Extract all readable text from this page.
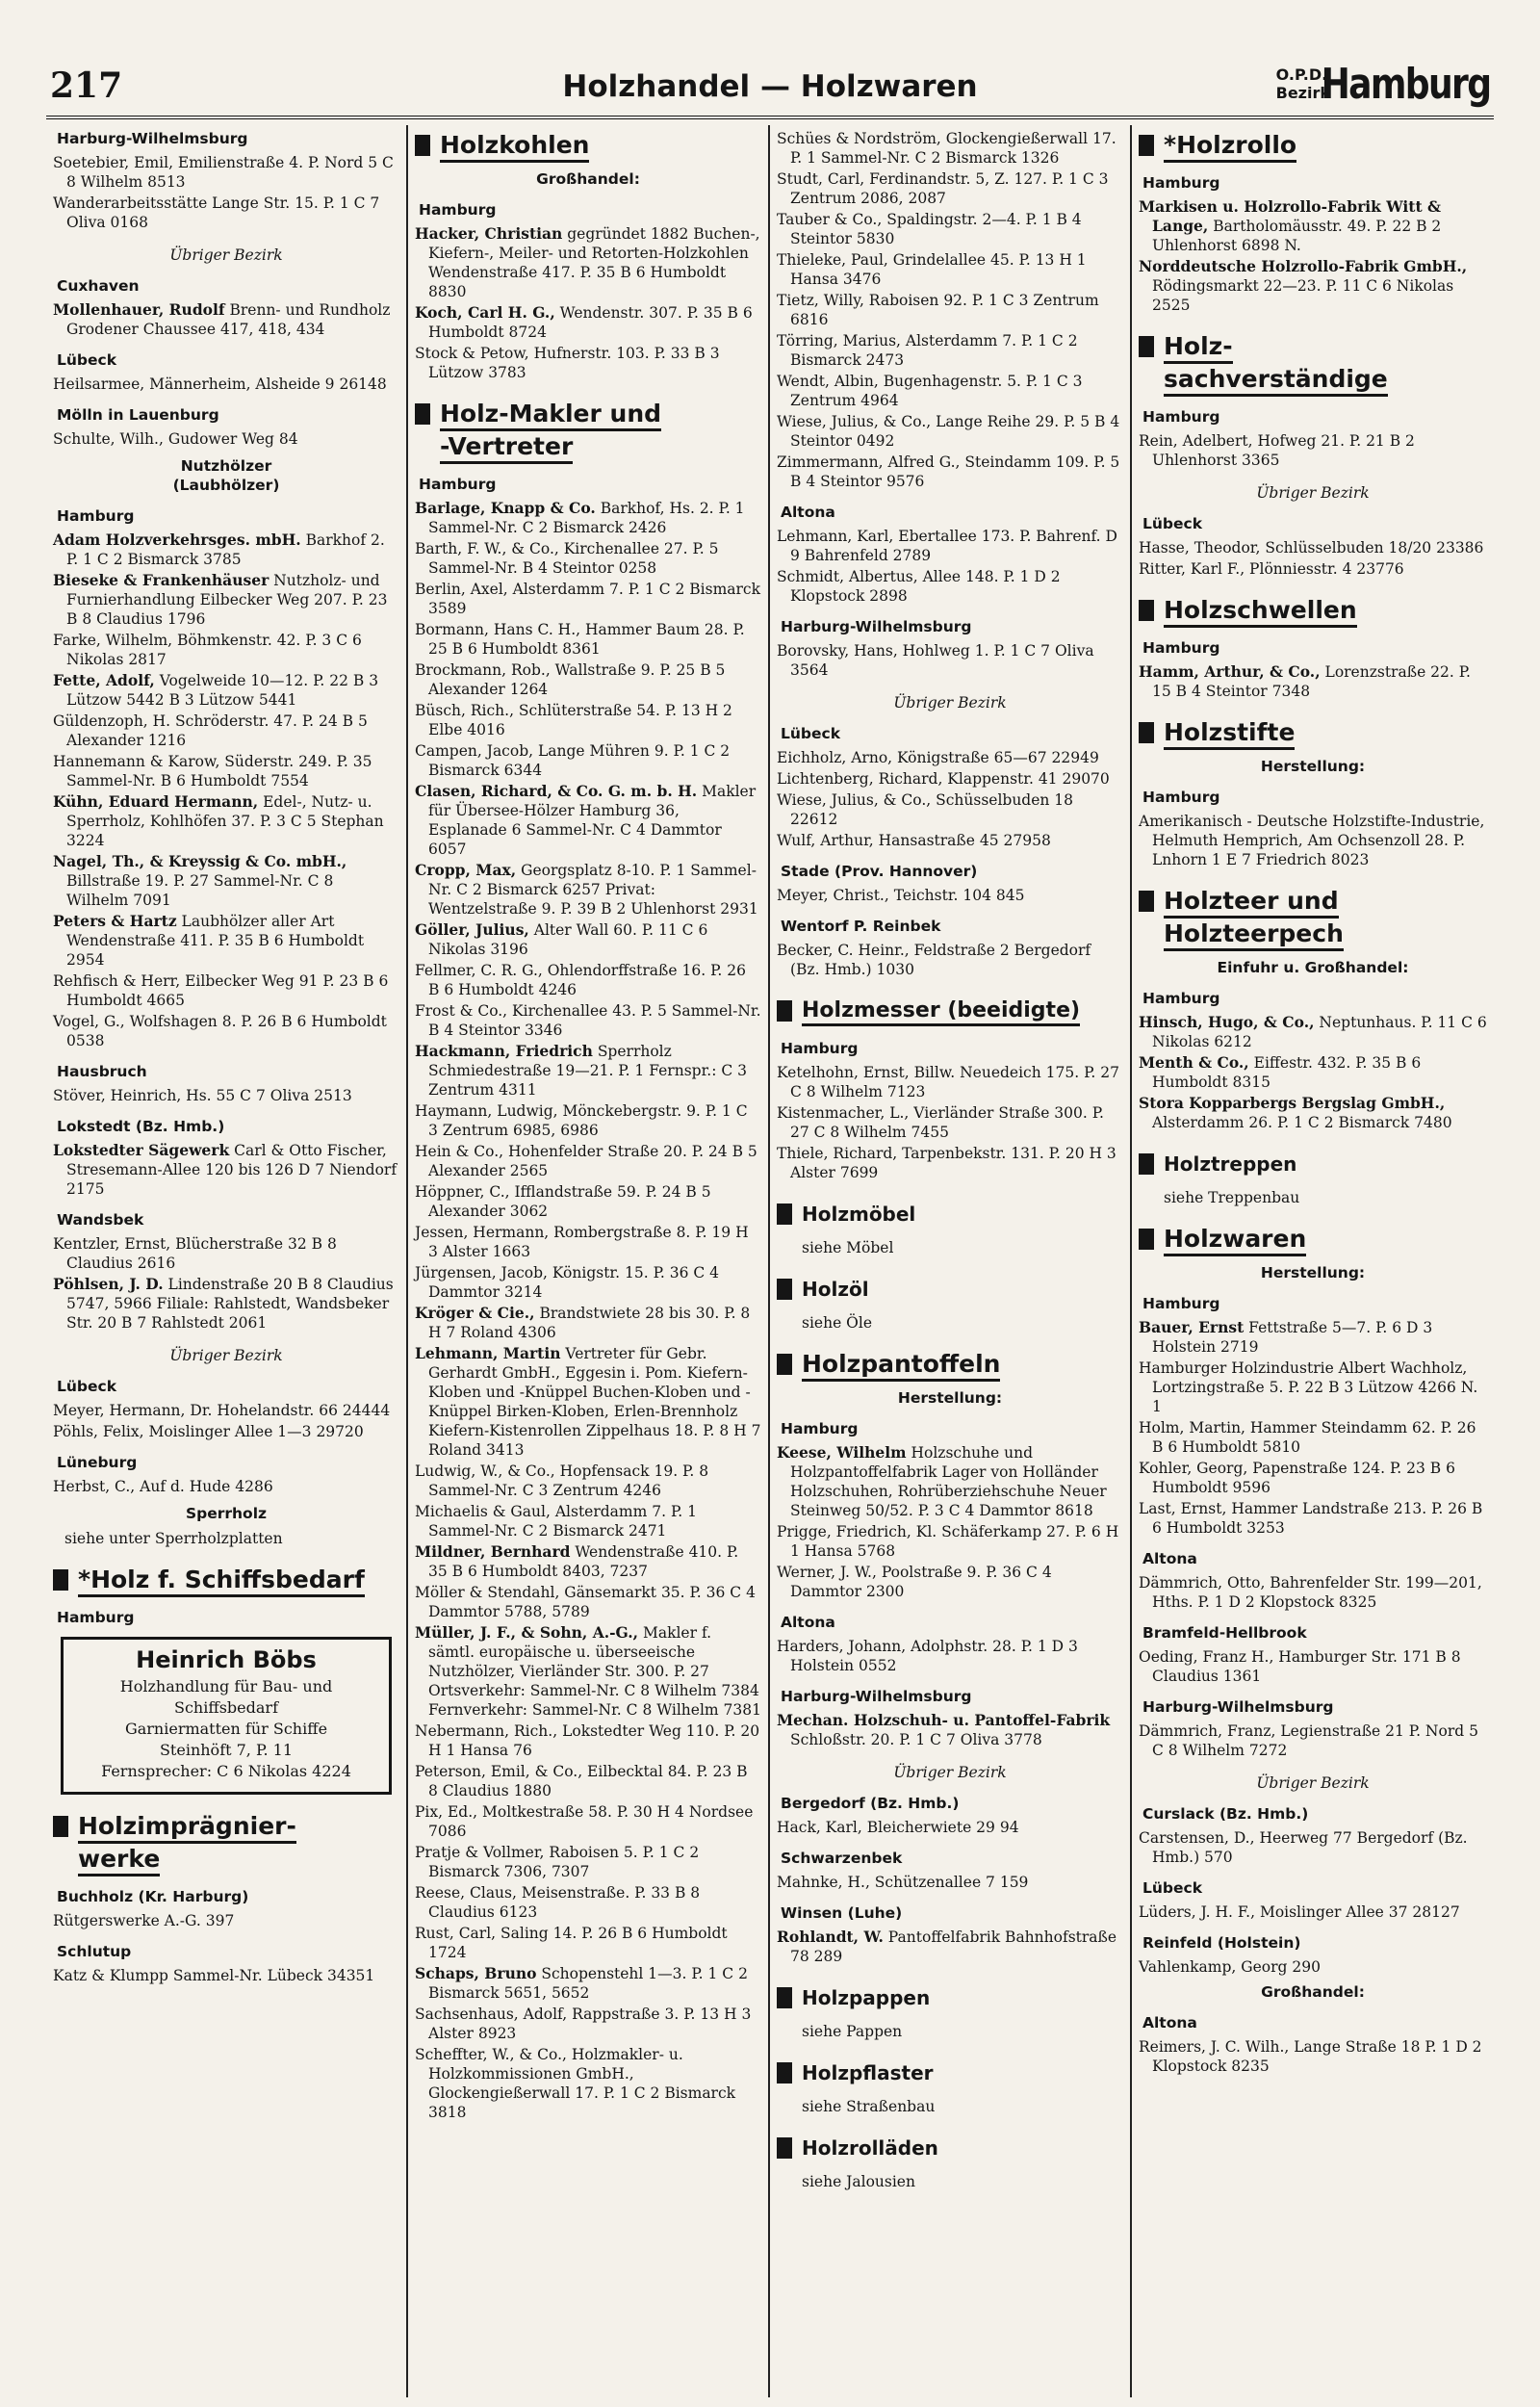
217	Holzhandel — Holzwaren	O.P.D.
Bezirk
Hamburg
Harburg-Wilhelmsburg
Soetebier, Emil, Emilienstraße 4. P. Nord 5 C 8 Wilhelm 8513
Wanderarbeitsstätte Lange Str. 15. P. 1 C 7 Oliva 0168
Übriger Bezirk
Cuxhaven
Mollenhauer, Rudolf Brenn- und Rundholz Grodener Chaussee 417, 418, 434
Lübeck
Heilsarmee, Männerheim, Alsheide 9 26148
Mölln in Lauenburg
Schulte, Wilh., Gudower Weg 84
Nutzhölzer
(Laubhölzer)
Hamburg
Adam Holzverkehrsges. mbH. Barkhof 2. P. 1 C 2 Bismarck 3785
Bieseke & Frankenhäuser Nutzholz- und Furnierhandlung Eilbecker Weg 207. P. 23 B 8 Claudius 1796
Farke, Wilhelm, Böhmkenstr. 42. P. 3 C 6 Nikolas 2817
Fette, Adolf, Vogelweide 10—12. P. 22 B 3 Lützow 5442 B 3 Lützow 5441
Güldenzoph, H. Schröderstr. 47. P. 24 B 5 Alexander 1216
Hannemann & Karow, Süderstr. 249. P. 35 Sammel-Nr. B 6 Humboldt 7554
Kühn, Eduard Hermann, Edel-, Nutz- u. Sperrholz, Kohlhöfen 37. P. 3 C 5 Stephan 3224
Nagel, Th., & Kreyssig & Co. mbH., Billstraße 19. P. 27 Sammel-Nr. C 8 Wilhelm 7091
Peters & Hartz Laubhölzer aller Art Wendenstraße 411. P. 35 B 6 Humboldt 2954
Rehfisch & Herr, Eilbecker Weg 91 P. 23 B 6 Humboldt 4665
Vogel, G., Wolfshagen 8. P. 26 B 6 Humboldt 0538
Hausbruch
Stöver, Heinrich, Hs. 55 C 7 Oliva 2513
Lokstedt (Bz. Hmb.)
Lokstedter Sägewerk Carl & Otto Fischer, Stresemann-Allee 120 bis 126 D 7 Niendorf 2175
Wandsbek
Kentzler, Ernst, Blücherstraße 32 B 8 Claudius 2616
Pöhlsen, J. D. Lindenstraße 20 B 8 Claudius 5747, 5966 Filiale: Rahlstedt, Wandsbeker Str. 20 B 7 Rahlstedt 2061
Übriger Bezirk
Lübeck
Meyer, Hermann, Dr. Hohelandstr. 66 24444
Pöhls, Felix, Moislinger Allee 1—3 29720
Lüneburg
Herbst, C., Auf d. Hude 4286
Sperrholz
siehe unter Sperrholzplatten
*Holz f. Schiffsbedarf
Hamburg
Heinrich Böbs
Holzhandlung für Bau- und Schiffsbedarf
Garniermatten für Schiffe
Steinhöft 7, P. 11
Fernsprecher: C 6 Nikolas 4224
Holzimprägnier-
werke
Buchholz (Kr. Harburg)
Rütgerswerke A.-G. 397
Schlutup
Katz & Klumpp Sammel-Nr. Lübeck 34351
Holzkohlen
Großhandel:
Hamburg
Hacker, Christian gegründet 1882 Buchen-, Kiefern-, Meiler- und Retorten-Holzkohlen Wendenstraße 417. P. 35 B 6 Humboldt 8830
Koch, Carl H. G., Wendenstr. 307. P. 35 B 6 Humboldt 8724
Stock & Petow, Hufnerstr. 103. P. 33 B 3 Lützow 3783
Holz-Makler und
-Vertreter
Hamburg
Barlage, Knapp & Co. Barkhof, Hs. 2. P. 1 Sammel-Nr. C 2 Bismarck 2426
Barth, F. W., & Co., Kirchenallee 27. P. 5 Sammel-Nr. B 4 Steintor 0258
Berlin, Axel, Alsterdamm 7. P. 1 C 2 Bismarck 3589
Bormann, Hans C. H., Hammer Baum 28. P. 25 B 6 Humboldt 8361
Brockmann, Rob., Wallstraße 9. P. 25 B 5 Alexander 1264
Büsch, Rich., Schlüterstraße 54. P. 13 H 2 Elbe 4016
Campen, Jacob, Lange Mühren 9. P. 1 C 2 Bismarck 6344
Clasen, Richard, & Co. G. m. b. H. Makler für Übersee-Hölzer Hamburg 36, Esplanade 6 Sammel-Nr. C 4 Dammtor 6057
Cropp, Max, Georgsplatz 8-10. P. 1 Sammel-Nr. C 2 Bismarck 6257 Privat: Wentzelstraße 9. P. 39 B 2 Uhlenhorst 2931
Göller, Julius, Alter Wall 60. P. 11 C 6 Nikolas 3196
Fellmer, C. R. G., Ohlendorffstraße 16. P. 26 B 6 Humboldt 4246
Frost & Co., Kirchenallee 43. P. 5 Sammel-Nr. B 4 Steintor 3346
Hackmann, Friedrich Sperrholz Schmiedestraße 19—21. P. 1 Fernspr.: C 3 Zentrum 4311
Haymann, Ludwig, Mönckebergstr. 9. P. 1 C 3 Zentrum 6985, 6986
Hein & Co., Hohenfelder Straße 20. P. 24 B 5 Alexander 2565
Höppner, C., Ifflandstraße 59. P. 24 B 5 Alexander 3062
Jessen, Hermann, Rombergstraße 8. P. 19 H 3 Alster 1663
Jürgensen, Jacob, Königstr. 15. P. 36 C 4 Dammtor 3214
Kröger & Cie., Brandstwiete 28 bis 30. P. 8 H 7 Roland 4306
Lehmann, Martin Vertreter für Gebr. Gerhardt GmbH., Eggesin i. Pom. Kiefern-Kloben und -Knüppel Buchen-Kloben und -Knüppel Birken-Kloben, Erlen-Brennholz Kiefern-Kistenrollen Zippelhaus 18. P. 8 H 7 Roland 3413
Ludwig, W., & Co., Hopfensack 19. P. 8 Sammel-Nr. C 3 Zentrum 4246
Michaelis & Gaul, Alsterdamm 7. P. 1 Sammel-Nr. C 2 Bismarck 2471
Mildner, Bernhard Wendenstraße 410. P. 35 B 6 Humboldt 8403, 7237
Möller & Stendahl, Gänsemarkt 35. P. 36 C 4 Dammtor 5788, 5789
Müller, J. F., & Sohn, A.-G., Makler f. sämtl. europäische u. überseeische Nutzhölzer, Vierländer Str. 300. P. 27 Ortsverkehr: Sammel-Nr. C 8 Wilhelm 7384 Fernverkehr: Sammel-Nr. C 8 Wilhelm 7381
Nebermann, Rich., Lokstedter Weg 110. P. 20 H 1 Hansa 76
Peterson, Emil, & Co., Eilbecktal 84. P. 23 B 8 Claudius 1880
Pix, Ed., Moltkestraße 58. P. 30 H 4 Nordsee 7086
Pratje & Vollmer, Raboisen 5. P. 1 C 2 Bismarck 7306, 7307
Reese, Claus, Meisenstraße. P. 33 B 8 Claudius 6123
Rust, Carl, Saling 14. P. 26 B 6 Humboldt 1724
Schaps, Bruno Schopenstehl 1—3. P. 1 C 2 Bismarck 5651, 5652
Sachsenhaus, Adolf, Rappstraße 3. P. 13 H 3 Alster 8923
Scheffter, W., & Co., Holzmakler- u. Holzkommissionen GmbH., Glockengießerwall 17. P. 1 C 2 Bismarck 3818
Schües & Nordström, Glockengießerwall 17. P. 1 Sammel-Nr. C 2 Bismarck 1326
Studt, Carl, Ferdinandstr. 5, Z. 127. P. 1 C 3 Zentrum 2086, 2087
Tauber & Co., Spaldingstr. 2—4. P. 1 B 4 Steintor 5830
Thieleke, Paul, Grindelallee 45. P. 13 H 1 Hansa 3476
Tietz, Willy, Raboisen 92. P. 1 C 3 Zentrum 6816
Törring, Marius, Alsterdamm 7. P. 1 C 2 Bismarck 2473
Wendt, Albin, Bugenhagenstr. 5. P. 1 C 3 Zentrum 4964
Wiese, Julius, & Co., Lange Reihe 29. P. 5 B 4 Steintor 0492
Zimmermann, Alfred G., Steindamm 109. P. 5 B 4 Steintor 9576
Altona
Lehmann, Karl, Ebertallee 173. P. Bahrenf. D 9 Bahrenfeld 2789
Schmidt, Albertus, Allee 148. P. 1 D 2 Klopstock 2898
Harburg-Wilhelmsburg
Borovsky, Hans, Hohlweg 1. P. 1 C 7 Oliva 3564
Übriger Bezirk
Lübeck
Eichholz, Arno, Königstraße 65—67 22949
Lichtenberg, Richard, Klappenstr. 41 29070
Wiese, Julius, & Co., Schüsselbuden 18 22612
Wulf, Arthur, Hansastraße 45 27958
Stade (Prov. Hannover)
Meyer, Christ., Teichstr. 104 845
Wentorf P. Reinbek
Becker, C. Heinr., Feldstraße 2 Bergedorf (Bz. Hmb.) 1030
Holzmesser (beeidigte)
Hamburg
Ketelhohn, Ernst, Billw. Neuedeich 175. P. 27 C 8 Wilhelm 7123
Kistenmacher, L., Vierländer Straße 300. P. 27 C 8 Wilhelm 7455
Thiele, Richard, Tarpenbekstr. 131. P. 20 H 3 Alster 7699
Holzmöbel
siehe Möbel
Holzöl
siehe Öle
Holzpantoffeln
Herstellung:
Hamburg
Keese, Wilhelm Holzschuhe und Holzpantoffelfabrik Lager von Holländer Holzschuhen, Rohrüberziehschuhe Neuer Steinweg 50/52. P. 3 C 4 Dammtor 8618
Prigge, Friedrich, Kl. Schäferkamp 27. P. 6 H 1 Hansa 5768
Werner, J. W., Poolstraße 9. P. 36 C 4 Dammtor 2300
Altona
Harders, Johann, Adolphstr. 28. P. 1 D 3 Holstein 0552
Harburg-Wilhelmsburg
Mechan. Holzschuh- u. Pantoffel-Fabrik Schloßstr. 20. P. 1 C 7 Oliva 3778
Übriger Bezirk
Bergedorf (Bz. Hmb.)
Hack, Karl, Bleicherwiete 29 94
Schwarzenbek
Mahnke, H., Schützenallee 7 159
Winsen (Luhe)
Rohlandt, W. Pantoffelfabrik Bahnhofstraße 78 289
Holzpappen
siehe Pappen
Holzpflaster
siehe Straßenbau
Holzrolläden
siehe Jalousien
*Holzrollo
Hamburg
Markisen u. Holzrollo-Fabrik Witt & Lange, Bartholomäusstr. 49. P. 22 B 2 Uhlenhorst 6898 N.
Norddeutsche Holzrollo-Fabrik GmbH., Rödingsmarkt 22—23. P. 11 C 6 Nikolas 2525
Holz-
sachverständige
Hamburg
Rein, Adelbert, Hofweg 21. P. 21 B 2 Uhlenhorst 3365
Übriger Bezirk
Lübeck
Hasse, Theodor, Schlüsselbuden 18/20 23386
Ritter, Karl F., Plönniesstr. 4 23776
Holzschwellen
Hamburg
Hamm, Arthur, & Co., Lorenzstraße 22. P. 15 B 4 Steintor 7348
Holzstifte
Herstellung:
Hamburg
Amerikanisch - Deutsche Holzstifte-Industrie, Helmuth Hemprich, Am Ochsenzoll 28. P. Lnhorn 1 E 7 Friedrich 8023
Holzteer und
Holzteerpech
Einfuhr u. Großhandel:
Hamburg
Hinsch, Hugo, & Co., Neptunhaus. P. 11 C 6 Nikolas 6212
Menth & Co., Eiffestr. 432. P. 35 B 6 Humboldt 8315
Stora Kopparbergs Bergslag GmbH., Alsterdamm 26. P. 1 C 2 Bismarck 7480
Holztreppen
siehe Treppenbau
Holzwaren
Herstellung:
Hamburg
Bauer, Ernst Fettstraße 5—7. P. 6 D 3 Holstein 2719
Hamburger Holzindustrie Albert Wachholz, Lortzingstraße 5. P. 22 B 3 Lützow 4266 N. 1
Holm, Martin, Hammer Steindamm 62. P. 26 B 6 Humboldt 5810
Kohler, Georg, Papenstraße 124. P. 23 B 6 Humboldt 9596
Last, Ernst, Hammer Landstraße 213. P. 26 B 6 Humboldt 3253
Altona
Dämmrich, Otto, Bahrenfelder Str. 199—201, Hths. P. 1 D 2 Klopstock 8325
Bramfeld-Hellbrook
Oeding, Franz H., Hamburger Str. 171 B 8 Claudius 1361
Harburg-Wilhelmsburg
Dämmrich, Franz, Legienstraße 21 P. Nord 5 C 8 Wilhelm 7272
Übriger Bezirk
Curslack (Bz. Hmb.)
Carstensen, D., Heerweg 77 Bergedorf (Bz. Hmb.) 570
Lübeck
Lüders, J. H. F., Moislinger Allee 37 28127
Reinfeld (Holstein)
Vahlenkamp, Georg 290
Großhandel:
Altona
Reimers, J. C. Wilh., Lange Straße 18 P. 1 D 2 Klopstock 8235
